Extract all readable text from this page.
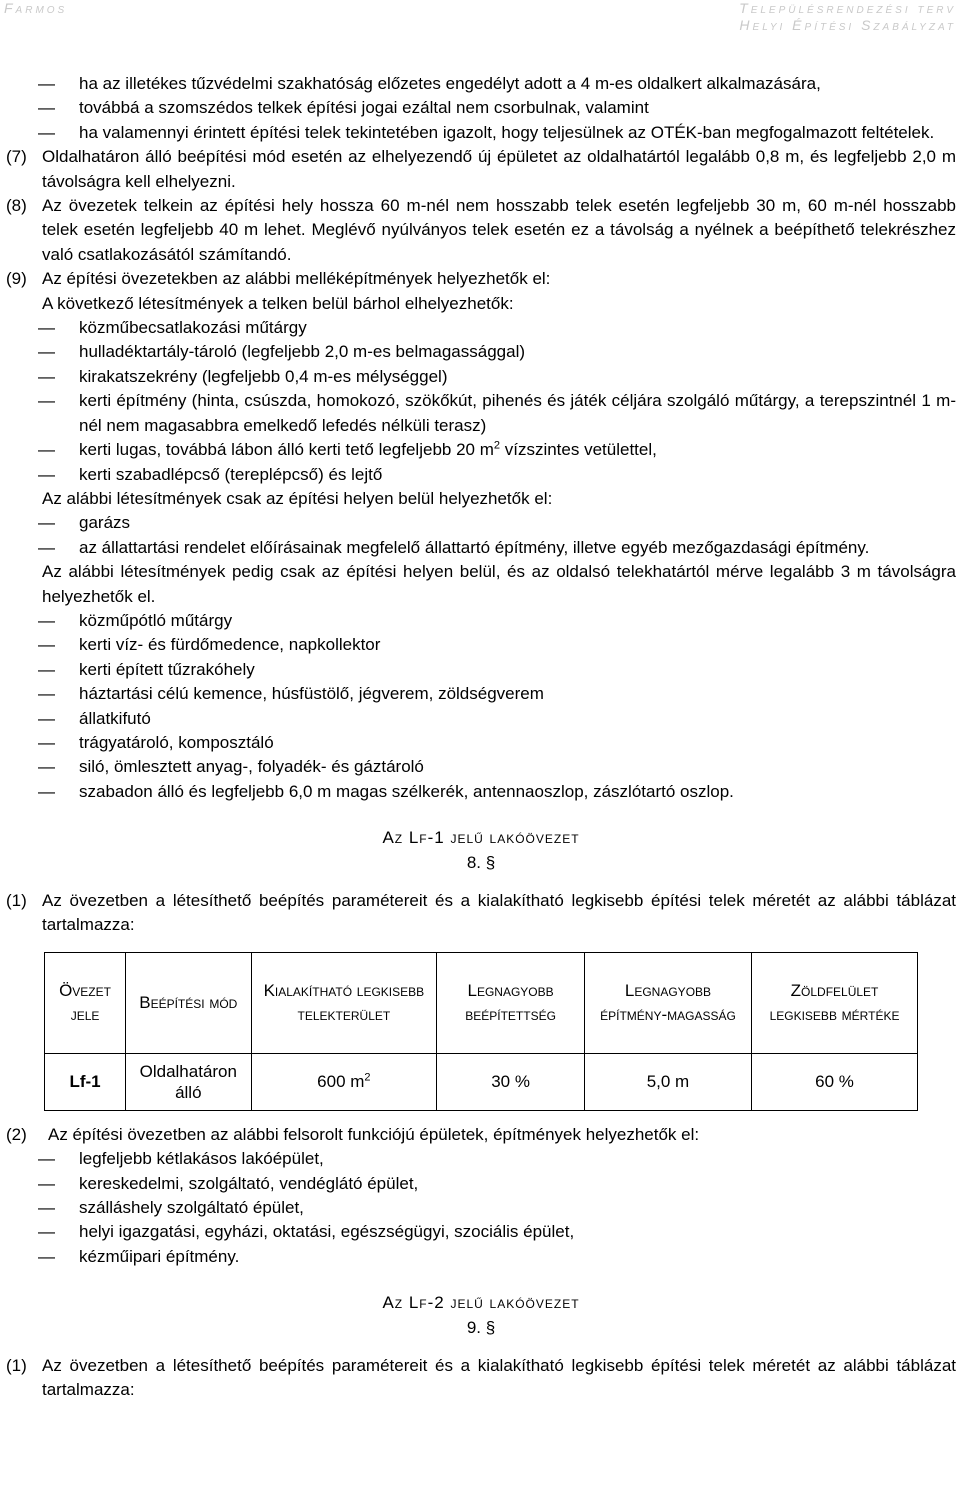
Farmos	Településrendezési terv
Helyi Építési Szabályzat
— ha az illetékes tűzvédelmi szakhatóság előzetes engedélyt adott a 4 m-es oldalkert alkalmazására,
— továbbá a szomszédos telkek építési jogai ezáltal nem csorbulnak, valamint
— ha valamennyi érintett építési telek tekintetében igazolt, hogy teljesülnek az OTÉK-ban megfogalmazott feltételek.
(7) Oldalhatáron álló beépítési mód esetén az elhelyezendő új épületet az oldalhatártól legalább 0,8 m, és legfeljebb 2,0 m távolságra kell elhelyezni.
(8) Az övezetek telkein az építési hely hossza 60 m-nél nem hosszabb telek esetén legfeljebb 30 m, 60 m-nél hosszabb telek esetén legfeljebb 40 m lehet. Meglévő nyúlványos telek esetén ez a távolság a nyélnek a beépíthető telekrészhez való csatlakozásától számítandó.
(9) Az építési övezetekben az alábbi melléképítmények helyezhetők el:
A következő létesítmények a telken belül bárhol elhelyezhetők:
— közműbecsatlakozási műtárgy
— hulladéktartály-tároló (legfeljebb 2,0 m-es belmagassággal)
— kirakatszekrény (legfeljebb 0,4 m-es mélységgel)
— kerti építmény (hinta, csúszda, homokozó, szökőkút, pihenés és játék céljára szolgáló műtárgy, a terepszintnél 1 m-nél nem magasabbra emelkedő lefedés nélküli terasz)
— kerti lugas, továbbá lábon álló kerti tető legfeljebb 20 $m^2$ vízszintes vetülettel,
— kerti szabadlépcső (tereplépcső) és lejtő
Az alábbi létesítmények csak az építési helyen belül helyezhetők el:
— garázs
— az állattartási rendelet előírásainak megfelelő állattartó építmény, illetve egyéb mezőgazdasági építmény.
Az alábbi létesítmények pedig csak az építési helyen belül, és az oldalsó telekhatártól mérve legalább 3 m távolságra helyezhetők el.
— közműpótló műtárgy
— kerti víz- és fürdőmedence, napkollektor
— kerti épített tűzrakóhely
— háztartási célú kemence, húsfüstölő, jégverem, zöldségverem
— állatkifutó
— trágyatároló, komposztáló
— siló, ömlesztett anyag-, folyadék- és gáztároló
— szabadon álló és legfeljebb 6,0 m magas szélkerék, antennaoszlop, zászlótartó oszlop.
Az Lf-1 jelű lakóövezet
8. §
(1) Az övezetben a létesíthető beépítés paramétereit és a kialakítható legkisebb építési telek méretét az alábbi táblázat tartalmazza:
Övezet jele	Beépítési mód	Kialakítható legkisebb telekterület	Legnagyobb beépítettség	Legnagyobb építmény-magasság	Zöldfelület legkisebb mértéke
Lf-1	Oldalhatáron álló	600 $m^2$	30 %	5,0 m	60 %
(2) Az építési övezetben az alábbi felsorolt funkciójú épületek, építmények helyezhetők el:
— legfeljebb kétlakásos lakóépület,
— kereskedelmi, szolgáltató, vendéglátó épület,
— szálláshely szolgáltató épület,
— helyi igazgatási, egyházi, oktatási, egészségügyi, szociális épület,
— kézműipari építmény.
Az Lf-2 jelű lakóövezet
9. §
(1) Az övezetben a létesíthető beépítés paramétereit és a kialakítható legkisebb építési telek méretét az alábbi táblázat tartalmazza:
